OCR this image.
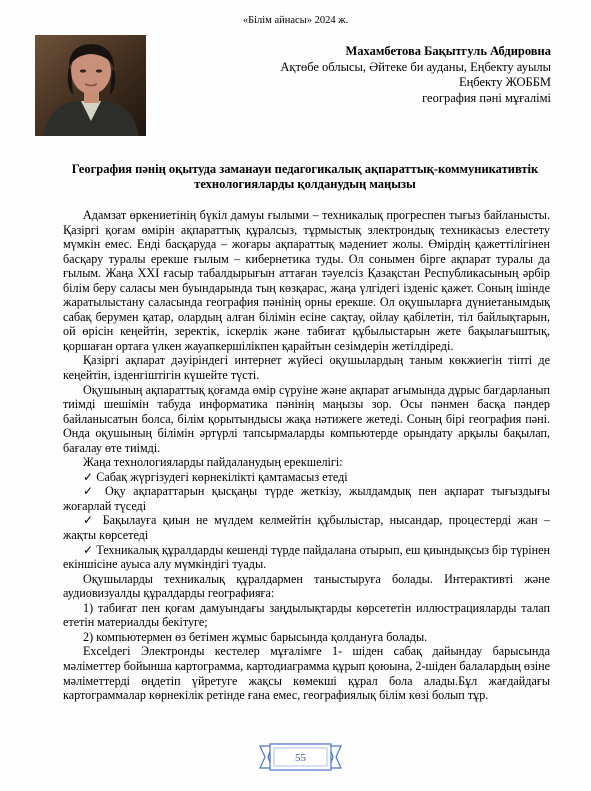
«Білім айнасы» 2024 ж.
Махамбетова Бақытгуль Абдировна
Ақтөбе облысы, Әйтеке би ауданы, Еңбекту ауылы
Еңбекту ЖОББМ
география пәні мұғалімі
География пәнің оқытуда заманауи педагогикалық ақпараттық-коммуникативтік технологияларды қолданудың маңызы

Адамзат өркениетінің бүкіл дамуы ғылыми – техникалық прогреспен тығыз байланысты. Қазіргі қоғам өмірін ақпараттық құралсыз, тұрмыстық электрондық техникасыз елестету мүмкін емес. Енді басқаруда – жоғары ақпараттық мәдениет жолы. Өмірдің қажеттілігінен басқару туралы ерекше ғылым – кибернетика туды. Ол сонымен бірге ақпарат туралы да ғылым. Жаңа ХХІ ғасыр табалдырығын аттаған тәуелсіз Қазақстан Республикасының әрбір білім беру саласы мен буындарында тың көзқарас, жаңа үлгідегі ізденіс қажет. Соның ішінде жаратылыстану саласында география пәнінің орны ерекше. Ол оқушыларға дүниетанымдық сабақ берумен қатар, олардың алған білімін есіне сақтау, ойлау қабілетін, тіл байлықтарын, ой өрісін кеңейтін, зеректік, іскерлік және табиғат құбылыстарын жете бақылағыштық, қоршаған ортаға үлкен жауапкершілікпен қарайтын сезімдерін жетілдіреді.

Қазіргі ақпарат дәуіріндегі интернет жүйесі оқушылардың таным көкжиегін тіпті де кеңейтін, ізденгіштігін күшейте түсті.

Оқушының ақпараттық қоғамда өмір сүруіне және ақпарат ағымында дұрыс бағдарланып тиімді шешімін табуда информатика пәнінің маңызы зор. Осы пәнмен басқа пәндер байланысатын болса, білім қорытындысы жақа нәтижеге жетеді. Соның бірі география пәні. Онда оқушының білімін әртүрлі тапсырмаларды компьютерде орындату арқылы бақылап, бағалау өте тиімді.

Жаңа технологияларды пайдаланудың ерекшелігі:

✓ Сабақ жүргізудегі көрнекілікті қамтамасыз етеді

✓ Оқу ақпараттарын қысқаңы түрде жеткізу, жылдамдық пен ақпарат тығыздығы жоғарлай түседі

✓ Бақылауға қиын не мүлдем келмейтін құбылыстар, нысандар, процестерді жан – жақты көрсетеді

✓ Техникалық құралдарды кешенді түрде пайдалана отырып, еш қиындықсыз бір түрінен екіншісіне ауыса алу мүмкіндігі туады.

Оқушыларды техникалық құралдармен таныстыруға болады. Интерактивті және аудиовизуалды құралдарды географияға:

1) табиғат пен қоғам дамуындағы заңдылықтарды көрсететін иллюстрацияларды талап ететін материалды бекітуге;

2) компьютермен өз бетімен жұмыс барысында қолдануға болады.

Excelдегі Электронды кестелер мұғалімге 1- шіден сабақ дайындау барысында мәліметтер бойынша картограмма, картодиаграмма құрып қоюына, 2-шіден балалардың өзіне мәліметтерді өңдетіп үйретуге жақсы көмекші құрал бола алады.Бұл жағдайдағы картограммалар көрнекілік ретінде ғана емес, географиялық білім көзі болып тұр.

55
